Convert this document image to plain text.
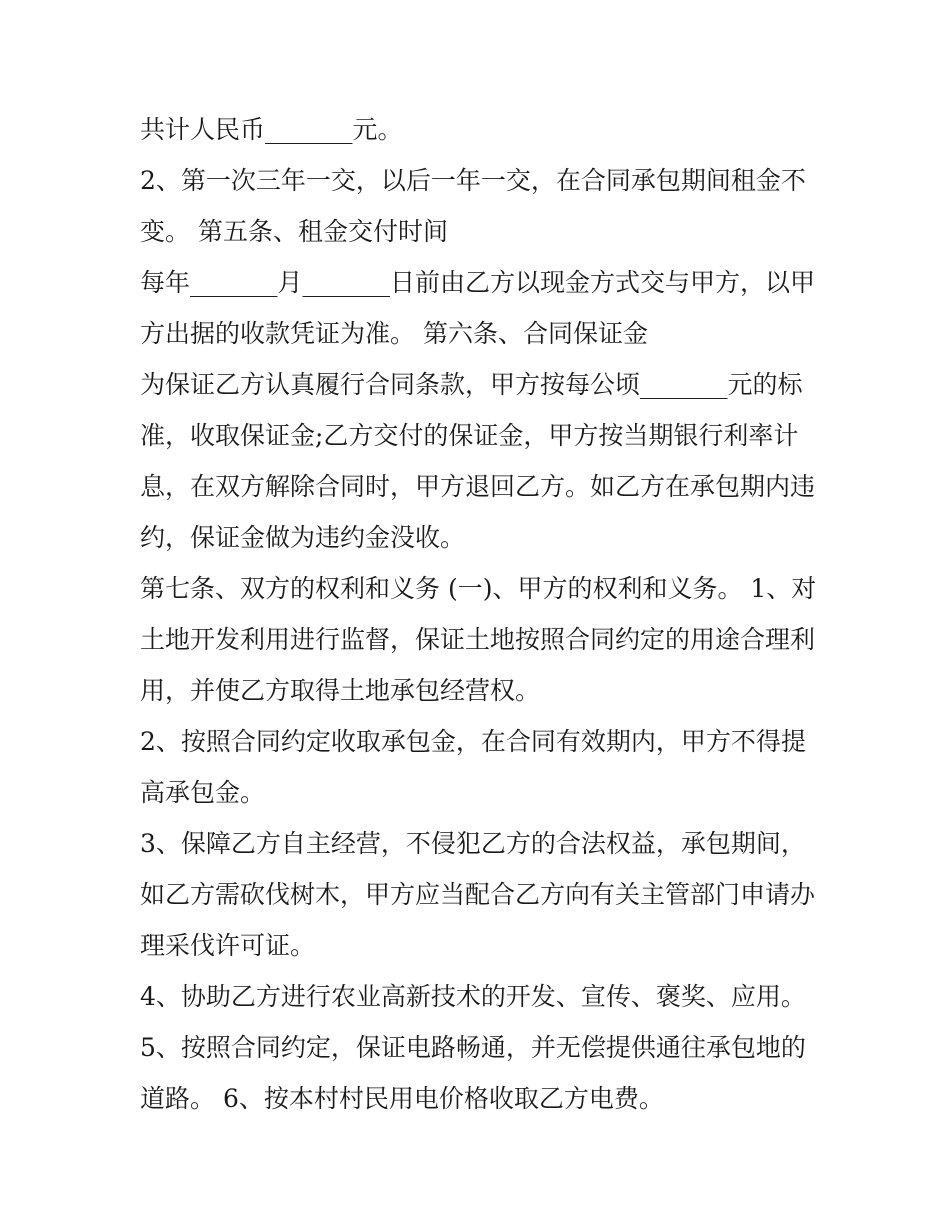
共计人民币_______元。
2、第一次三年一交，以后一年一交，在合同承包期间租金不
变。 第五条、租金交付时间
每年_______月_______日前由乙方以现金方式交与甲方，以甲
方出据的收款凭证为准。 第六条、合同保证金
为保证乙方认真履行合同条款，甲方按每公顷_______元的标
准，收取保证金;乙方交付的保证金，甲方按当期银行利率计
息，在双方解除合同时，甲方退回乙方。如乙方在承包期内违
约，保证金做为违约金没收。
第七条、双方的权利和义务 (一)、甲方的权利和义务。 1、对
土地开发利用进行监督，保证土地按照合同约定的用途合理利
用，并使乙方取得土地承包经营权。
2、按照合同约定收取承包金，在合同有效期内，甲方不得提
高承包金。
3、保障乙方自主经营，不侵犯乙方的合法权益，承包期间，
如乙方需砍伐树木，甲方应当配合乙方向有关主管部门申请办
理采伐许可证。
4、协助乙方进行农业高新技术的开发、宣传、褒奖、应用。
5、按照合同约定，保证电路畅通，并无偿提供通往承包地的
道路。 6、按本村村民用电价格收取乙方电费。
